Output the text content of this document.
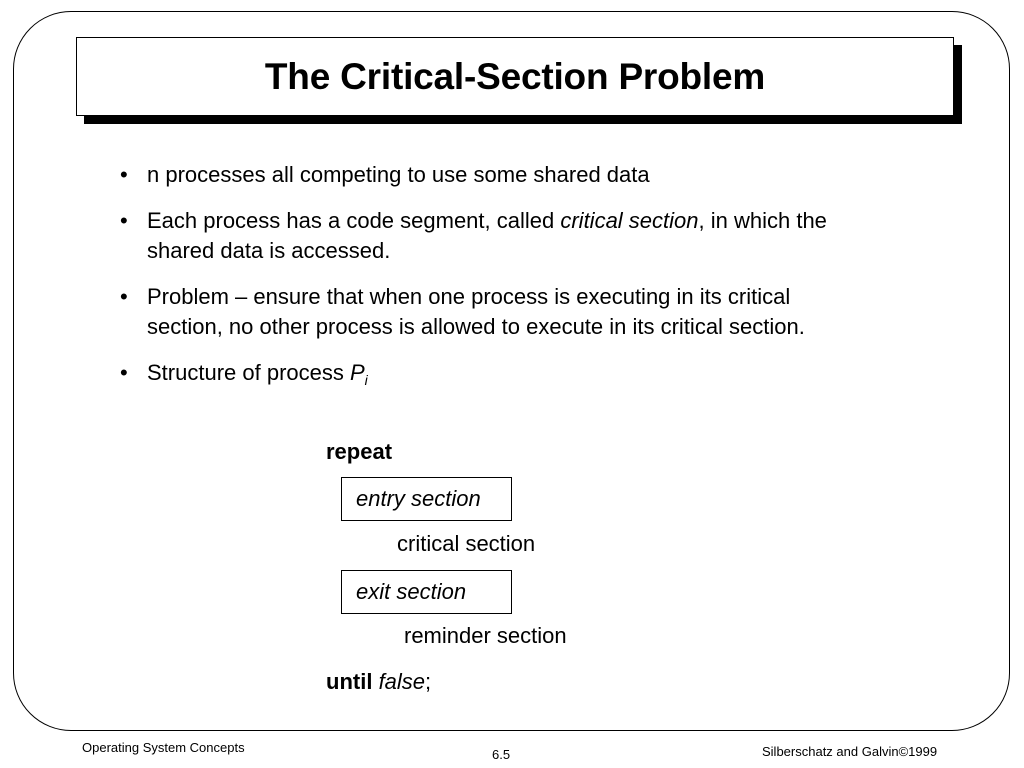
The Critical-Section Problem
• n processes all competing to use some shared data
• Each process has a code segment, called critical section, in which the shared data is accessed.
• Problem – ensure that when one process is executing in its critical section, no other process is allowed to execute in its critical section.
• Structure of process $P_i$
repeat
entry section
critical section
exit section
reminder section
until false;
Operating System Concepts	6.5	Silberschatz and Galvin©1999
